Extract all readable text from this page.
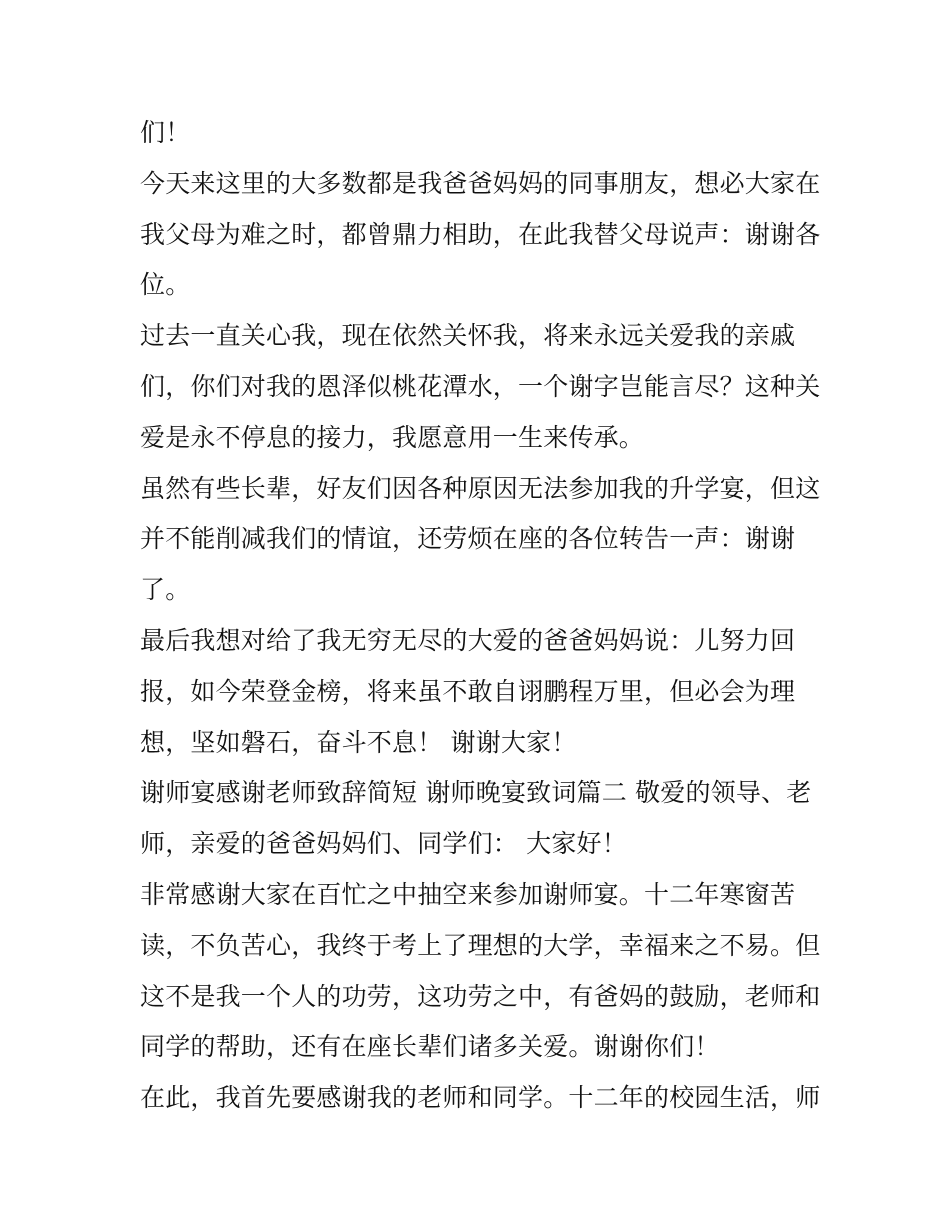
们！
今天来这里的大多数都是我爸爸妈妈的同事朋友，想必大家在
我父母为难之时，都曾鼎力相助，在此我替父母说声：谢谢各
位。
过去一直关心我，现在依然关怀我，将来永远关爱我的亲戚
们，你们对我的恩泽似桃花潭水，一个谢字岂能言尽？这种关
爱是永不停息的接力，我愿意用一生来传承。
虽然有些长辈，好友们因各种原因无法参加我的升学宴，但这
并不能削减我们的情谊，还劳烦在座的各位转告一声：谢谢
了。
最后我想对给了我无穷无尽的大爱的爸爸妈妈说：儿努力回
报，如今荣登金榜，将来虽不敢自诩鹏程万里，但必会为理
想，坚如磐石，奋斗不息！ 谢谢大家！
谢师宴感谢老师致辞简短 谢师晚宴致词篇二 敬爱的领导、老
师，亲爱的爸爸妈妈们、同学们： 大家好！
非常感谢大家在百忙之中抽空来参加谢师宴。十二年寒窗苦
读，不负苦心，我终于考上了理想的大学，幸福来之不易。但
这不是我一个人的功劳，这功劳之中，有爸妈的鼓励，老师和
同学的帮助，还有在座长辈们诸多关爱。谢谢你们！
在此，我首先要感谢我的老师和同学。十二年的校园生活，师
